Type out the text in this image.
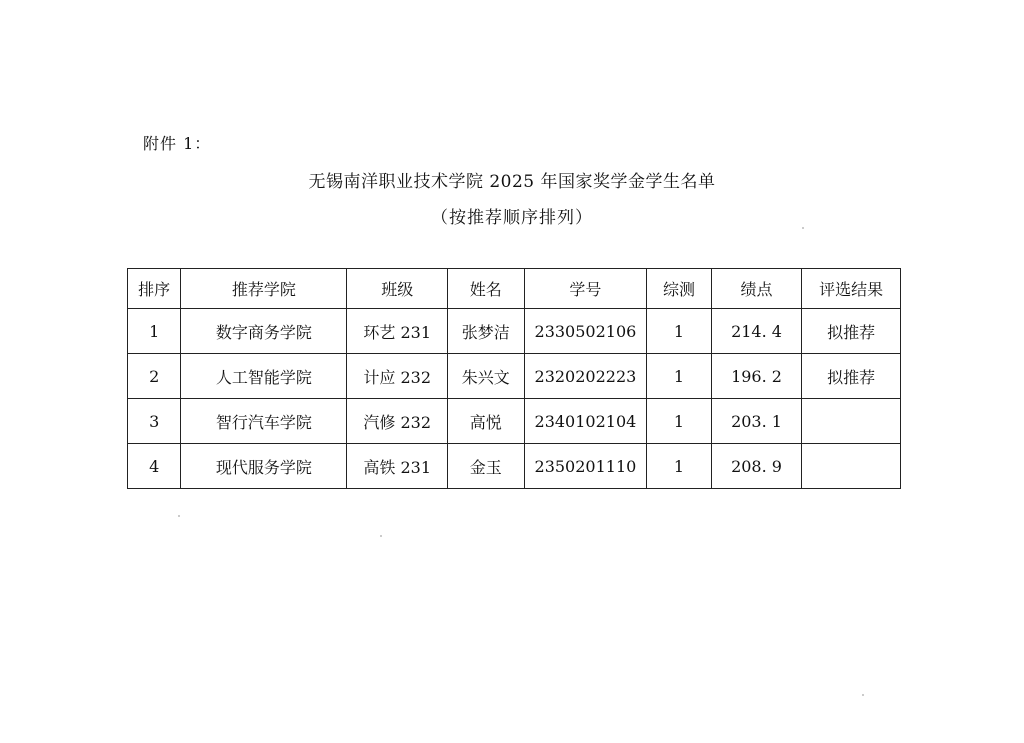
附件 1：
无锡南洋职业技术学院 2025 年国家奖学金学生名单
（按推荐顺序排列）
排序	推荐学院	班级	姓名	学号	综测	绩点	评选结果
1	数字商务学院	环艺 231	张梦洁	2330502106	1	214. 4	拟推荐
2	人工智能学院	计应 232	朱兴文	2320202223	1	196. 2	拟推荐
3	智行汽车学院	汽修 232	高悦	2340102104	1	203. 1	
4	现代服务学院	高铁 231	金玉	2350201110	1	208. 9	
